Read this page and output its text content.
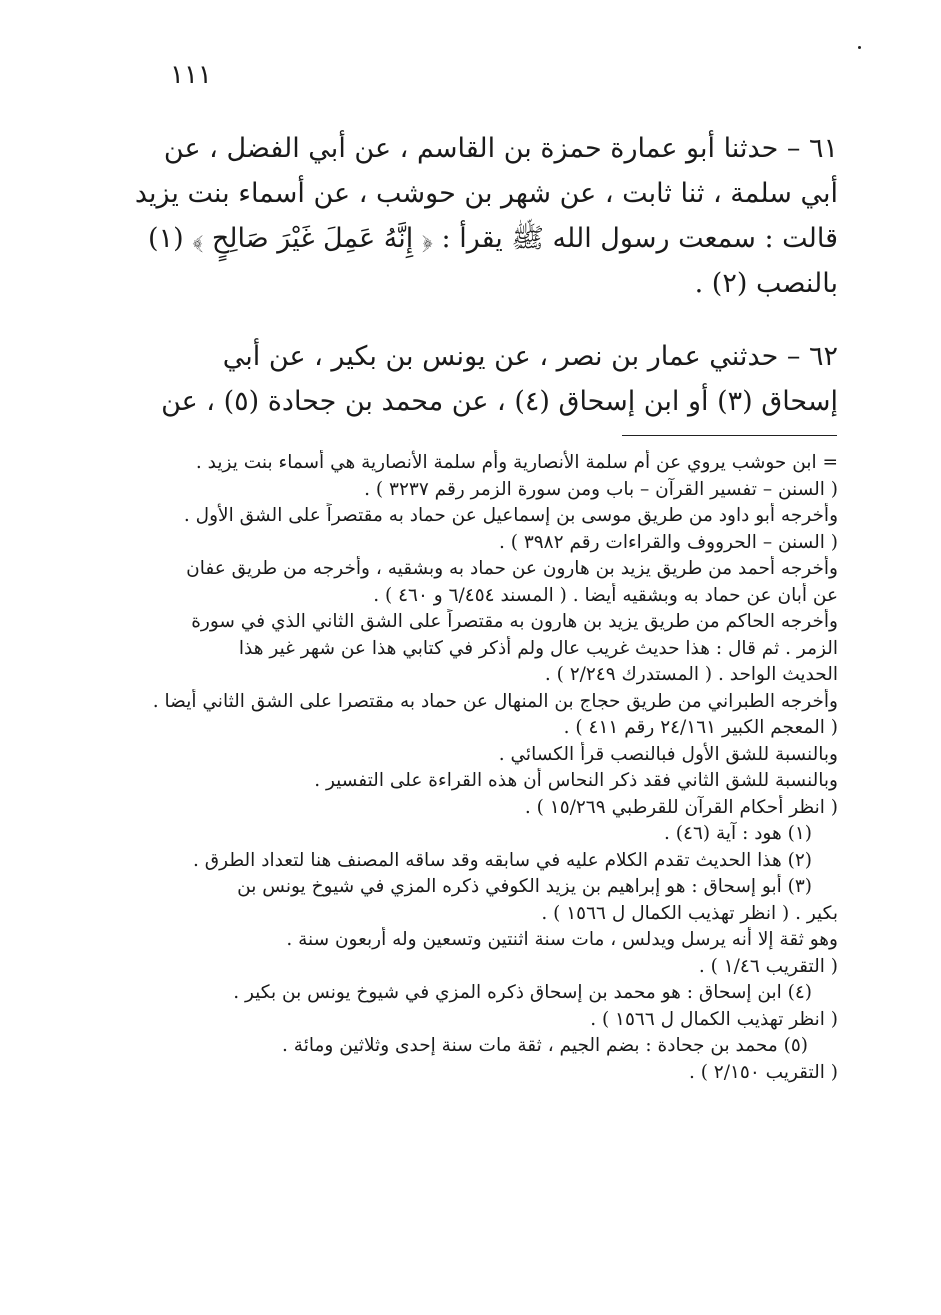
١١١

٦١ – حدثنا أبو عمارة حمزة بن القاسم ، عن أبي الفضل ، عن

أبي سلمة ، ثنا ثابت ، عن شهر بن حوشب ، عن أسماء بنت يزيد

قالت : سمعت رسول الله ﷺ يقرأ : ﴿ إِنَّهُ عَمِلَ غَيْرَ صَالِحٍ ﴾ (١)

بالنصب (٢) .

٦٢ – حدثني عمار بن نصر ، عن يونس بن بكير ، عن أبي

إسحاق (٣) أو ابن إسحاق (٤) ، عن محمد بن جحادة (٥) ، عن

= ابن حوشب يروي عن أم سلمة الأنصارية وأم سلمة الأنصارية هي أسماء بنت يزيد .

( السنن – تفسير القرآن – باب ومن سورة الزمر رقم ٣٢٣٧ ) .

وأخرجه أبو داود من طريق موسى بن إسماعيل عن حماد به مقتصراً على الشق الأول .

( السنن – الحرووف والقراءات رقم ٣٩٨٢ ) .

وأخرجه أحمد من طريق يزيد بن هارون عن حماد به وبشقيه ، وأخرجه من طريق عفان

عن أبان عن حماد به وبشقيه أيضا . ( المسند ٦/٤٥٤ و ٤٦٠ ) .

وأخرجه الحاكم من طريق يزيد بن هارون به مقتصراً على الشق الثاني الذي في سورة

الزمر . ثم قال : هذا حديث غريب عال ولم أذكر في كتابي هذا عن شهر غير هذا

الحديث الواحد . ( المستدرك ٢/٢٤٩ ) .

وأخرجه الطبراني من طريق حجاج بن المنهال عن حماد به مقتصرا على الشق الثاني أيضا .

( المعجم الكبير ٢٤/١٦١ رقم ٤١١ ) .

وبالنسبة للشق الأول فبالنصب قرأ الكسائي .

وبالنسبة للشق الثاني فقد ذكر النحاس أن هذه القراءة على التفسير .

( انظر أحكام القرآن للقرطبي ١٥/٢٦٩ ) .

(١) هود : آية (٤٦) .

(٢) هذا الحديث تقدم الكلام عليه في سابقه وقد ساقه المصنف هنا لتعداد الطرق .

(٣) أبو إسحاق : هو إبراهيم بن يزيد الكوفي ذكره المزي في شيوخ يونس بن

بكير . ( انظر تهذيب الكمال ل ١٥٦٦ ) .

وهو ثقة إلا أنه يرسل ويدلس ، مات سنة اثنتين وتسعين وله أربعون سنة .

( التقريب ١/٤٦ ) .

(٤) ابن إسحاق : هو محمد بن إسحاق ذكره المزي في شيوخ يونس بن بكير .

( انظر تهذيب الكمال ل ١٥٦٦ ) .

(٥) محمد بن جحادة : بضم الجيم ، ثقة مات سنة إحدى وثلاثين ومائة .

( التقريب ٢/١٥٠ ) .
